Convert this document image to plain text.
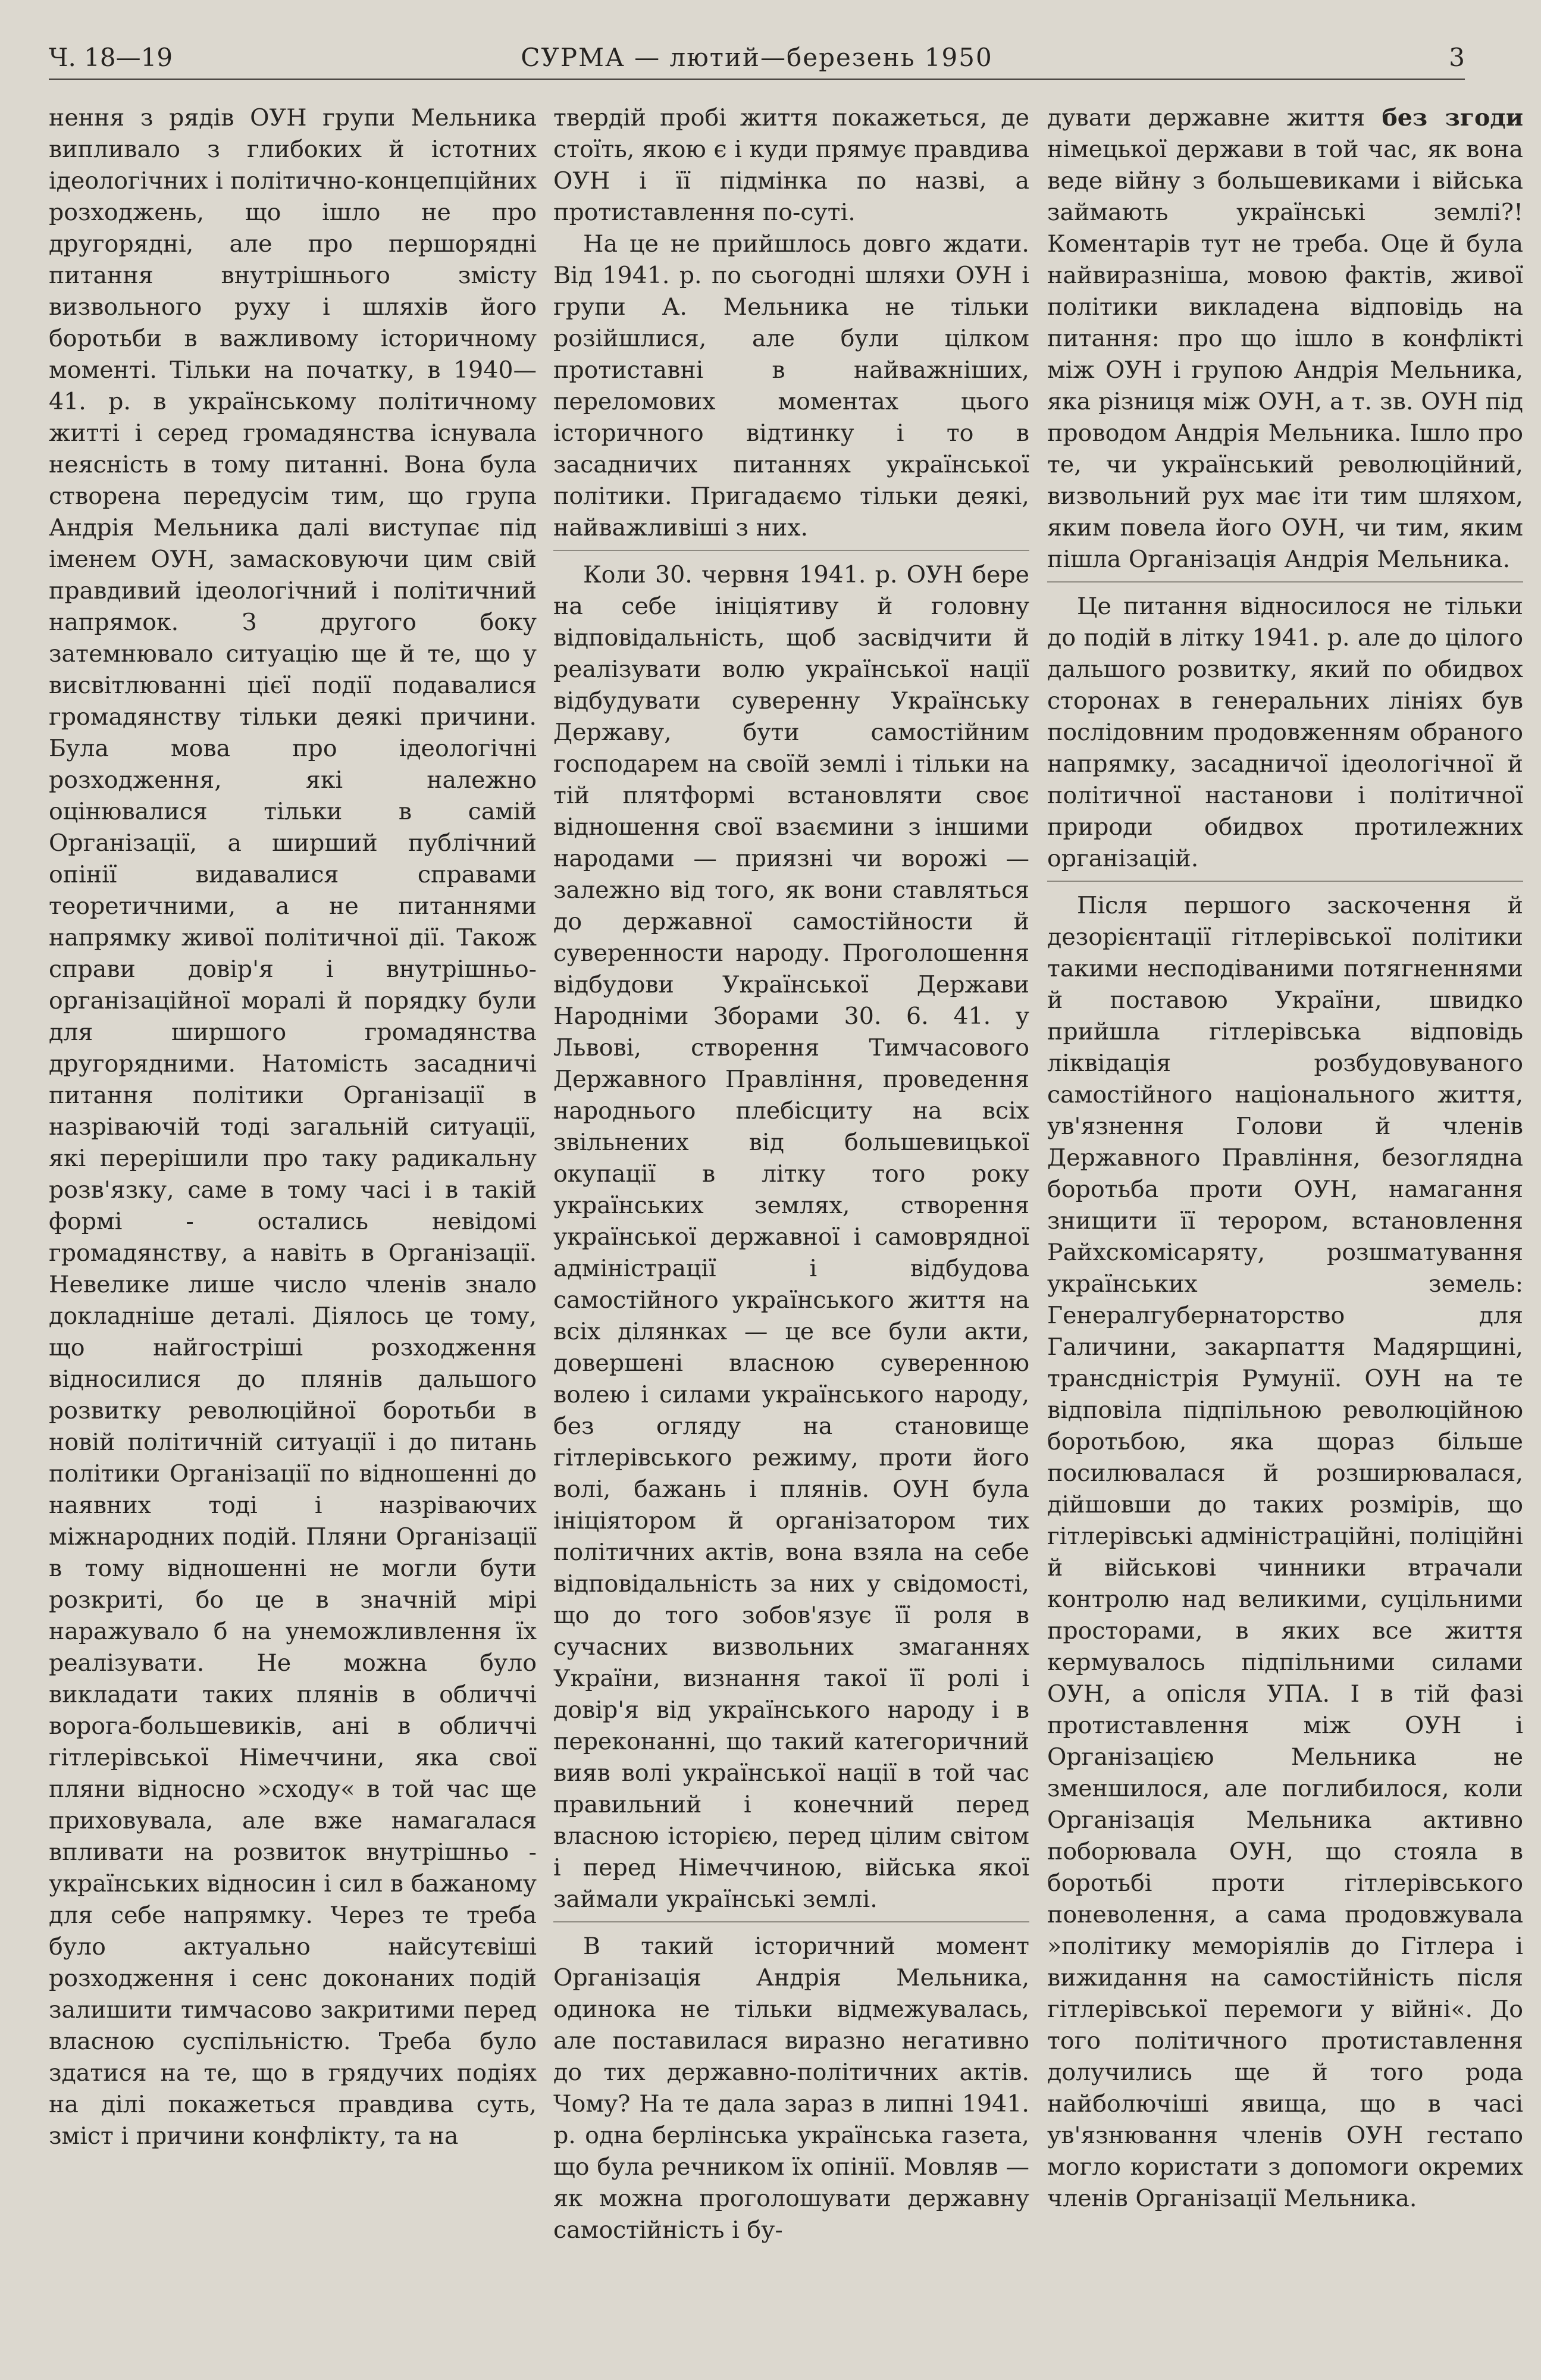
Ч. 18—19	СУРМА — лютий—березень 1950	3

нення з рядів ОУН групи Мельника випливало з глибоких й істотних ідеологічних і політично-концепційних розходжень, що ішло не про другорядні, але про першорядні питання внутрішнього змісту визвольного руху і шляхів його боротьби в важливому історичному моменті. Тільки на початку, в 1940—41. р. в українському політичному житті і серед громадянства існувала неясність в тому питанні. Вона була створена передусім тим, що група Андрія Мельника далі виступає під іменем ОУН, замасковуючи цим свій правдивий ідеологічний і політичний напрямок. З другого боку затемнювало ситуацію ще й те, що у висвітлюванні цієї події подавалися громадянству тільки деякі причини. Була мова про ідеологічні розходження, які належно оцінювалися тільки в самій Організації, а ширший публічний опінії видавалися справами теоретичними, а не питаннями напрямку живої політичної дії. Також справи довір'я і внутрішньо-організаційної моралі й порядку були для ширшого громадянства другорядними. Натомість засадничі питання політики Організації в назріваючій тоді загальній ситуації, які перерішили про таку радикальну розв'язку, саме в тому часі і в такій формі - остались невідомі громадянству, а навіть в Організації. Невелике лише число членів знало докладніше деталі. Діялось це тому, що найгостріші розходження відносилися до плянів дальшого розвитку революційної боротьби в новій політичній ситуації і до питань політики Організації по відношенні до наявних тоді і назріваючих міжнародних подій. Пляни Організації в тому відношенні не могли бути розкриті, бо це в значній мірі наражувало б на унеможливлення їх реалізувати. Не можна було викладати таких плянів в обличчі ворога-большевиків, ані в обличчі гітлерівської Німеччини, яка свої пляни відносно »сходу« в той час ще приховувала, але вже намагалася впливати на розвиток внутрішньо - українських відносин і сил в бажаному для себе напрямку. Через те треба було актуально найсутєвіші розходження і сенс доконаних подій залишити тимчасово закритими перед власною суспільністю. Треба було здатися на те, що в грядучих подіях на ділі покажеться правдива суть, зміст і причини конфлікту, та на

твердій пробі життя покажеться, де стоїть, якою є і куди прямує правдива ОУН і її підмінка по назві, а протиставлення по-суті.

На це не прийшлось довго ждати. Від 1941. р. по сьогодні шляхи ОУН і групи А. Мельника не тільки розійшлися, але були цілком протиставні в найважніших, переломових моментах цього історичного відтинку і то в засадничих питаннях української політики. Пригадаємо тільки деякі, найважливіші з них.

Коли 30. червня 1941. р. ОУН бере на себе ініціятиву й головну відповідальність, щоб засвідчити й реалізувати волю української нації відбудувати суверенну Українську Державу, бути самостійним господарем на своїй землі і тільки на тій плятформі встановляти своє відношення свої взаємини з іншими народами — приязні чи ворожі — залежно від того, як вони ставляться до державної самостійности й суверенности народу. Проголошення відбудови Української Держави Народніми Зборами 30. 6. 41. у Львові, створення Тимчасового Державного Правління, проведення народнього плебісциту на всіх звільнених від большевицької окупації в літку того року українських землях, створення української державної і самоврядної адміністрації і відбудова самостійного українського життя на всіх ділянках — це все були акти, довершені власною суверенною волею і силами українського народу, без огляду на становище гітлерівського режиму, проти його волі, бажань і плянів. ОУН була ініціятором й організатором тих політичних актів, вона взяла на себе відповідальність за них у свідомості, що до того зобов'язує її роля в сучасних визвольних змаганнях України, визнання такої її ролі і довір'я від українського народу і в переконанні, що такий категоричний вияв волі української нації в той час правильний і конечний перед власною історією, перед цілим світом і перед Німеччиною, війська якої займали українські землі.

В такий історичний момент Організація Андрія Мельника, одинока не тільки відмежувалась, але поставилася виразно негативно до тих державно-політичних актів. Чому? На те дала зараз в липні 1941. р. одна берлінська українська газета, що була речником їх опінії. Мовляв — як можна проголошувати державну самостійність і бу-

дувати державне життя без згоди німецької держави в той час, як вона веде війну з большевиками і війська займають українські землі?! Коментарів тут не треба. Оце й була найвиразніша, мовою фактів, живої політики викладена відповідь на питання: про що ішло в конфлікті між ОУН і групою Андрія Мельника, яка різниця між ОУН, а т. зв. ОУН під проводом Андрія Мельника. Ішло про те, чи український революційний, визвольний рух має іти тим шляхом, яким повела його ОУН, чи тим, яким пішла Організація Андрія Мельника.

Це питання відносилося не тільки до подій в літку 1941. р. але до цілого дальшого розвитку, який по обидвох сторонах в генеральних лініях був послідовним продовженням обраного напрямку, засадничої ідеологічної й політичної настанови і політичної природи обидвох протилежних організацій.

Після першого заскочення й дезорієнтації гітлерівської політики такими несподіваними потягненнями й поставою України, швидко прийшла гітлерівська відповідь ліквідація розбудовуваного самостійного національного життя, ув'язнення Голови й членів Державного Правління, безоглядна боротьба проти ОУН, намагання знищити її терором, встановлення Райхскомісаряту, розшматування українських земель: Генералгубернаторство для Галичини, закарпаття Мадярщині, трансдністрія Румунії. ОУН на те відповіла підпільною революційною боротьбою, яка щораз більше посилювалася й розширювалася, дійшовши до таких розмірів, що гітлерівські адміністраційні, поліційні й військові чинники втрачали контролю над великими, суцільними просторами, в яких все життя кермувалось підпільними силами ОУН, а опісля УПА. І в тій фазі протиставлення між ОУН і Організацією Мельника не зменшилося, але поглибилося, коли Організація Мельника активно поборювала ОУН, що стояла в боротьбі проти гітлерівського поневолення, а сама продовжувала »політику меморіялів до Гітлера і вижидання на самостійність після гітлерівської перемоги у війні«. До того політичного протиставлення долучились ще й того рода найболючіші явища, що в часі ув'язнювання членів ОУН гестапо могло користати з допомоги окремих членів Організації Мельника.
